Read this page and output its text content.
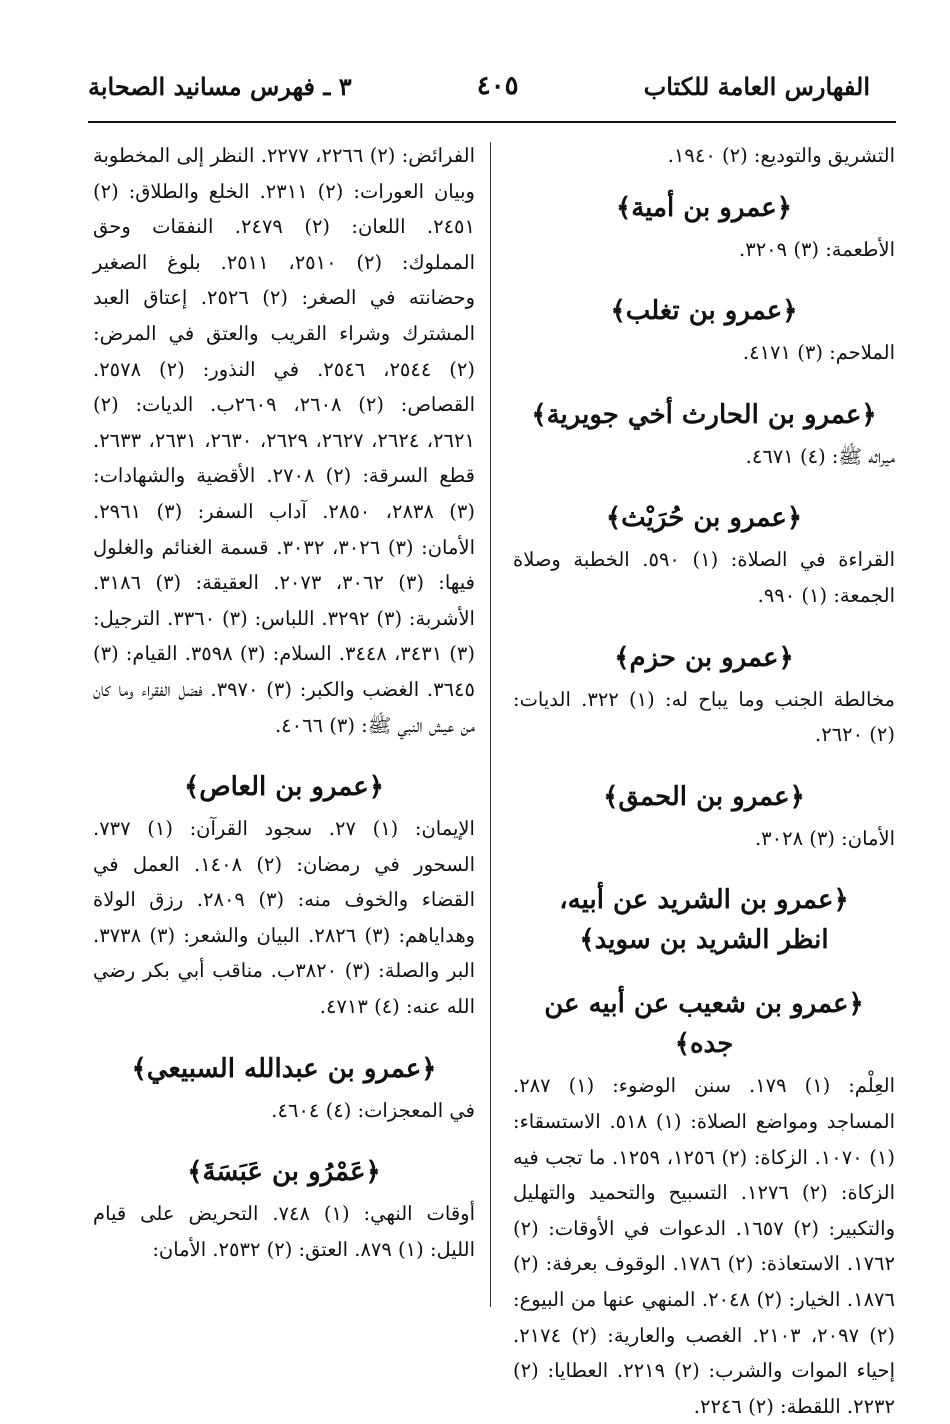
الفهارس العامة للكتاب
٤٠٥
٣ ـ فهرس مسانيد الصحابة

التشريق والتوديع: (٢) ١٩٤٠.

﴿عمرو بن أمية﴾

الأطعمة: (٣) ٣٢٠٩.

﴿عمرو بن تغلب﴾

الملاحم: (٣) ٤١٧١.

﴿عمرو بن الحارث أخي جويرية﴾

ميراثه ﷺ: (٤) ٤٦٧١.

﴿عمرو بن حُرَيْث﴾

القراءة في الصلاة: (١) ٥٩٠. الخطبة وصلاة الجمعة: (١) ٩٩٠.

﴿عمرو بن حزم﴾

مخالطة الجنب وما يباح له: (١) ٣٢٢. الديات: (٢) ٢٦٢٠.

﴿عمرو بن الحمق﴾

الأمان: (٣) ٣٠٢٨.

﴿عمرو بن الشريد عن أبيه،
انظر الشريد بن سويد﴾
﴿عمرو بن شعيب عن أبيه عن جده﴾

العِلْم: (١) ١٧٩. سنن الوضوء: (١) ٢٨٧. المساجد ومواضع الصلاة: (١) ٥١٨. الاستسقاء: (١) ١٠٧٠. الزكاة: (٢) ١٢٥٦، ١٢٥٩. ما تجب فيه الزكاة: (٢) ١٢٧٦. التسبيح والتحميد والتهليل والتكبير: (٢) ١٦٥٧. الدعوات في الأوقات: (٢) ١٧٦٢. الاستعاذة: (٢) ١٧٨٦. الوقوف بعرفة: (٢) ١٨٧٦. الخيار: (٢) ٢٠٤٨. المنهي عنها من البيوع: (٢) ٢٠٩٧، ٢١٠٣. الغصب والعارية: (٢) ٢١٧٤. إحياء الموات والشرب: (٢) ٢٢١٩. العطايا: (٢) ٢٢٣٢. اللقطة: (٢) ٢٢٤٦.

الفرائض: (٢) ٢٢٦٦، ٢٢٧٧. النظر إلى المخطوبة وبيان العورات: (٢) ٢٣١١. الخلع والطلاق: (٢) ٢٤٥١. اللعان: (٢) ٢٤٧٩. النفقات وحق المملوك: (٢) ٢٥١٠، ٢٥١١. بلوغ الصغير وحضانته في الصغر: (٢) ٢٥٢٦. إعتاق العبد المشترك وشراء القريب والعتق في المرض: (٢) ٢٥٤٤، ٢٥٤٦. في النذور: (٢) ٢٥٧٨. القصاص: (٢) ٢٦٠٨، ٢٦٠٩ب. الديات: (٢) ٢٦٢١، ٢٦٢٤، ٢٦٢٧، ٢٦٢٩، ٢٦٣٠، ٢٦٣١، ٢٦٣٣. قطع السرقة: (٢) ٢٧٠٨. الأقضية والشهادات: (٣) ٢٨٣٨، ٢٨٥٠. آداب السفر: (٣) ٢٩٦١. الأمان: (٣) ٣٠٢٦، ٣٠٣٢. قسمة الغنائم والغلول فيها: (٣) ٣٠٦٢، ٢٠٧٣. العقيقة: (٣) ٣١٨٦. الأشربة: (٣) ٣٢٩٢. اللباس: (٣) ٣٣٦٠. الترجيل: (٣) ٣٤٣١، ٣٤٤٨. السلام: (٣) ٣٥٩٨. القيام: (٣) ٣٦٤٥. الغضب والكبر: (٣) ٣٩٧٠. فضل الفقراء وما كان من عيش النبي ﷺ: (٣) ٤٠٦٦.

﴿عمرو بن العاص﴾

الإيمان: (١) ٢٧. سجود القرآن: (١) ٧٣٧. السحور في رمضان: (٢) ١٤٠٨. العمل في القضاء والخوف منه: (٣) ٢٨٠٩. رزق الولاة وهداياهم: (٣) ٢٨٢٦. البيان والشعر: (٣) ٣٧٣٨. البر والصلة: (٣) ٣٨٢٠ب. مناقب أبي بكر رضي الله عنه: (٤) ٤٧١٣.

﴿عمرو بن عبدالله السبيعي﴾

في المعجزات: (٤) ٤٦٠٤.

﴿عَمْرُو بن عَبَسَةَ﴾

أوقات النهي: (١) ٧٤٨. التحريض على قيام الليل: (١) ٨٧٩. العتق: (٢) ٢٥٣٢. الأمان:
